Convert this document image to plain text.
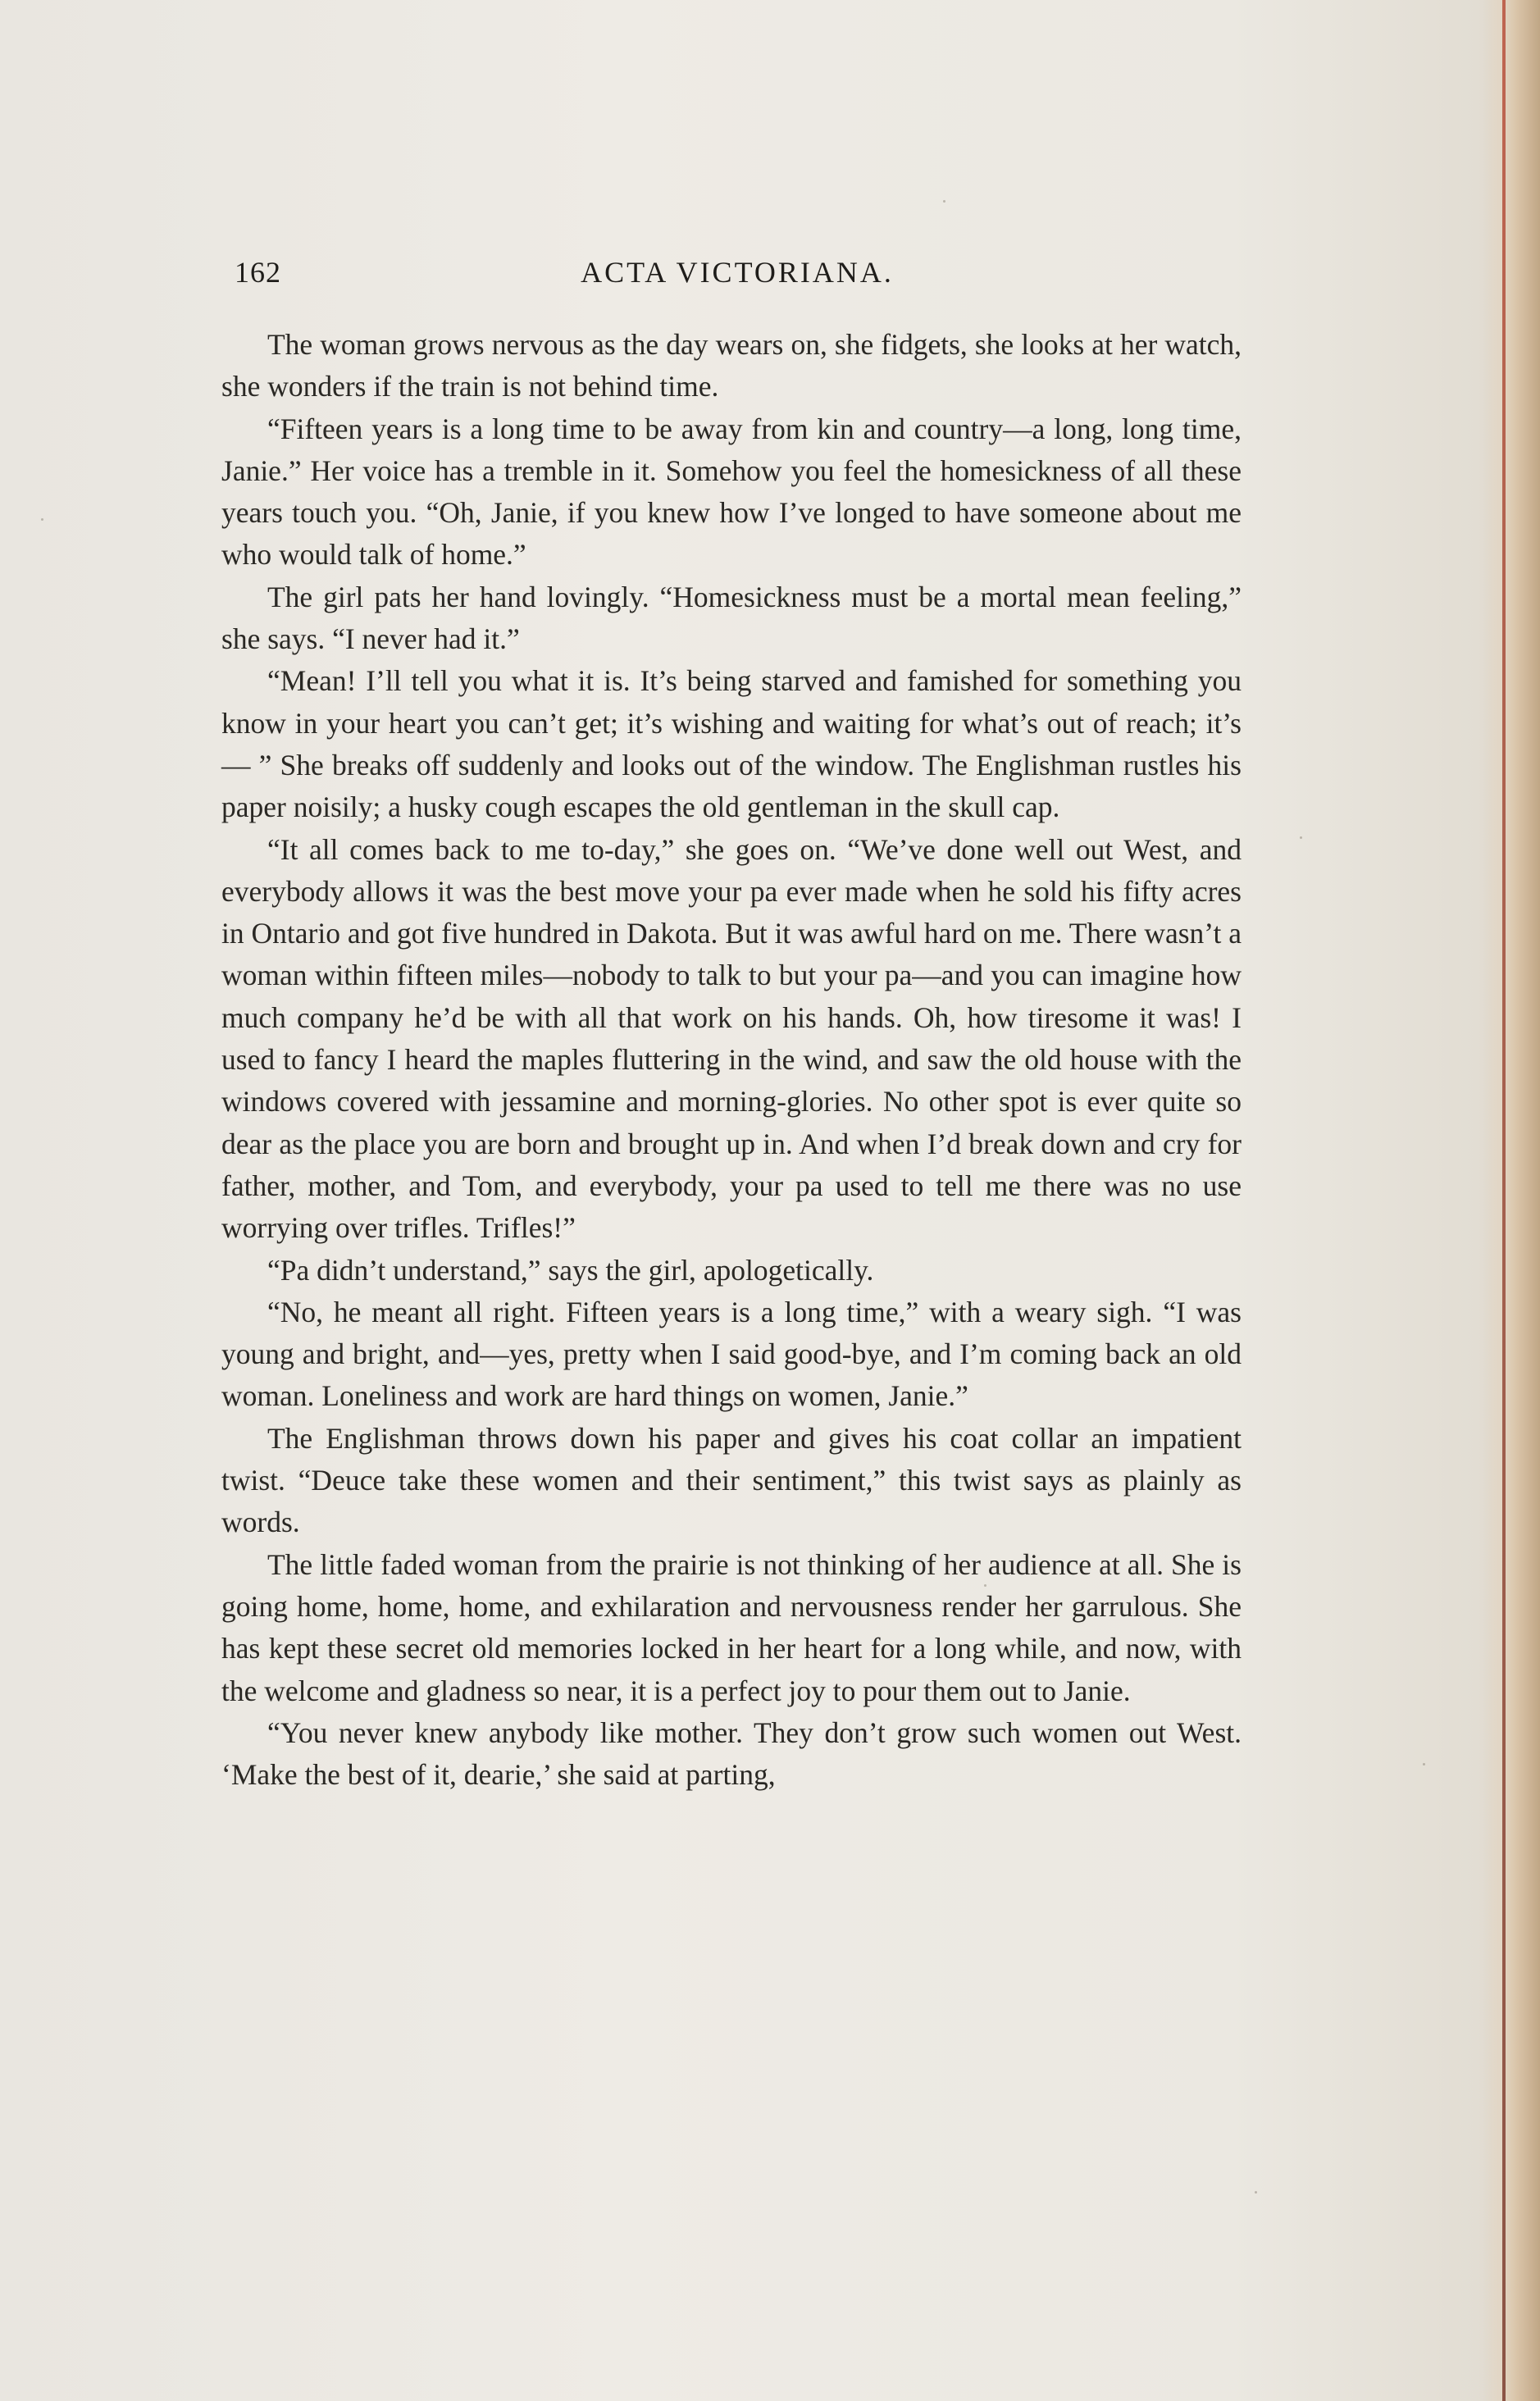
162	ACTA VICTORIANA.

The woman grows nervous as the day wears on, she fidgets, she looks at her watch, she wonders if the train is not behind time.

“Fifteen years is a long time to be away from kin and country—a long, long time, Janie.” Her voice has a tremble in it. Somehow you feel the homesickness of all these years touch you. “Oh, Janie, if you knew how I’ve longed to have someone about me who would talk of home.”

The girl pats her hand lovingly. “Homesickness must be a mortal mean feeling,” she says. “I never had it.”

“Mean! I’ll tell you what it is. It’s being starved and famished for something you know in your heart you can’t get; it’s wishing and waiting for what’s out of reach; it’s— ” She breaks off suddenly and looks out of the window. The Englishman rustles his paper noisily; a husky cough escapes the old gentleman in the skull cap.

“It all comes back to me to-day,” she goes on. “We’ve done well out West, and everybody allows it was the best move your pa ever made when he sold his fifty acres in Ontario and got five hundred in Dakota. But it was awful hard on me. There wasn’t a woman within fifteen miles—nobody to talk to but your pa—and you can imagine how much company he’d be with all that work on his hands. Oh, how tiresome it was! I used to fancy I heard the maples fluttering in the wind, and saw the old house with the windows covered with jessamine and morning-glories. No other spot is ever quite so dear as the place you are born and brought up in. And when I’d break down and cry for father, mother, and Tom, and everybody, your pa used to tell me there was no use worrying over trifles. Trifles!”

“Pa didn’t understand,” says the girl, apologetically.

“No, he meant all right. Fifteen years is a long time,” with a weary sigh. “I was young and bright, and—yes, pretty when I said good-bye, and I’m coming back an old woman. Loneliness and work are hard things on women, Janie.”

The Englishman throws down his paper and gives his coat collar an impatient twist. “Deuce take these women and their sentiment,” this twist says as plainly as words.

The little faded woman from the prairie is not thinking of her audience at all. She is going home, home, home, and exhilaration and nervousness render her garrulous. She has kept these secret old memories locked in her heart for a long while, and now, with the welcome and gladness so near, it is a perfect joy to pour them out to Janie.

“You never knew anybody like mother. They don’t grow such women out West. ‘Make the best of it, dearie,’ she said at parting,
